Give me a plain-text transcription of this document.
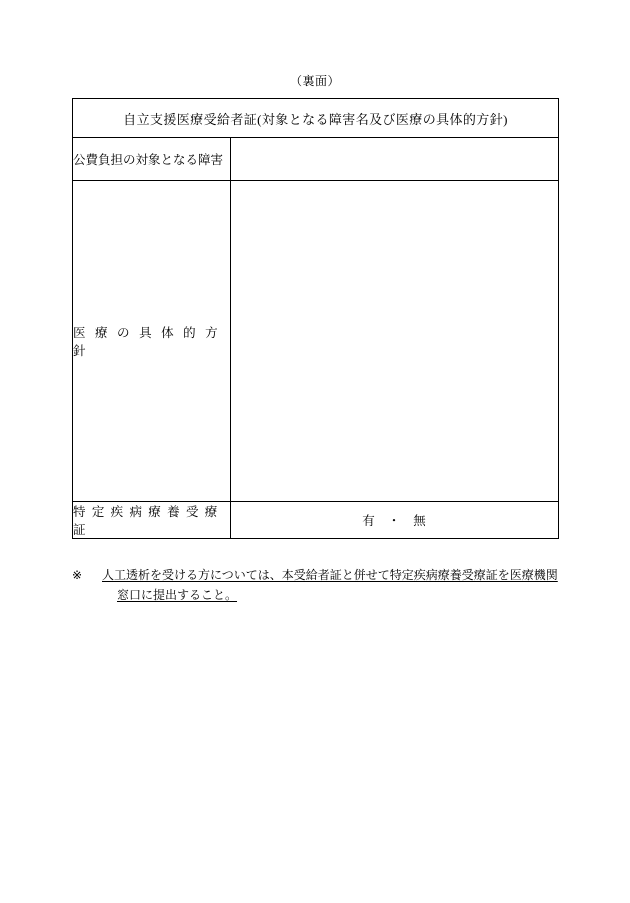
（裏面）
自立支援医療受給者証(対象となる障害名及び医療の具体的方針)	
公費負担の対象となる障害	
医 療 の 具 体 的 方 針	
特 定 疾 病 療 養 受 療 証	有 ・ 無
※ 人工透析を受ける方については、本受給者証と併せて特定疾病療養受療証を医療機関
窓口に提出すること。
